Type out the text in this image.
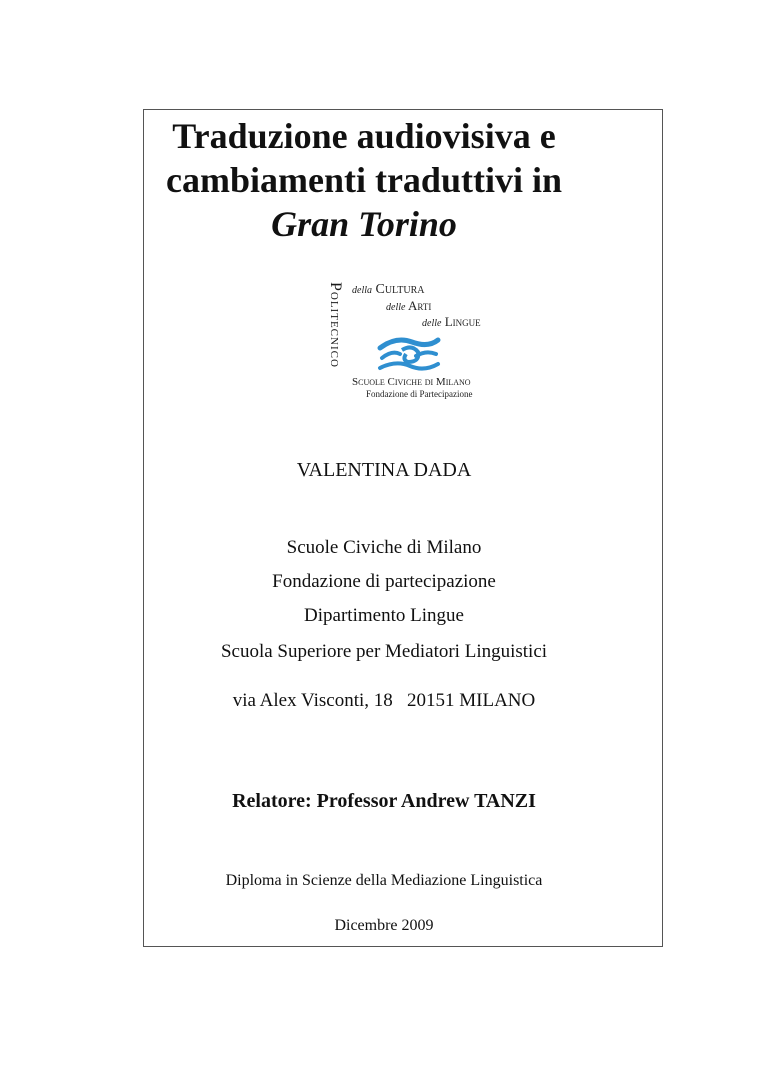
Traduzione audiovisiva e
cambiamenti traduttivi in
Gran Torino
Politecnico della Cultura
delle Arti
delle Lingue
Scuole Civiche di Milano
Fondazione di Partecipazione

VALENTINA DADA

Scuole Civiche di Milano

Fondazione di partecipazione

Dipartimento Lingue

Scuola Superiore per Mediatori Linguistici

via Alex Visconti, 18   20151 MILANO

Relatore: Professor Andrew TANZI

Diploma in Scienze della Mediazione Linguistica

Dicembre 2009
